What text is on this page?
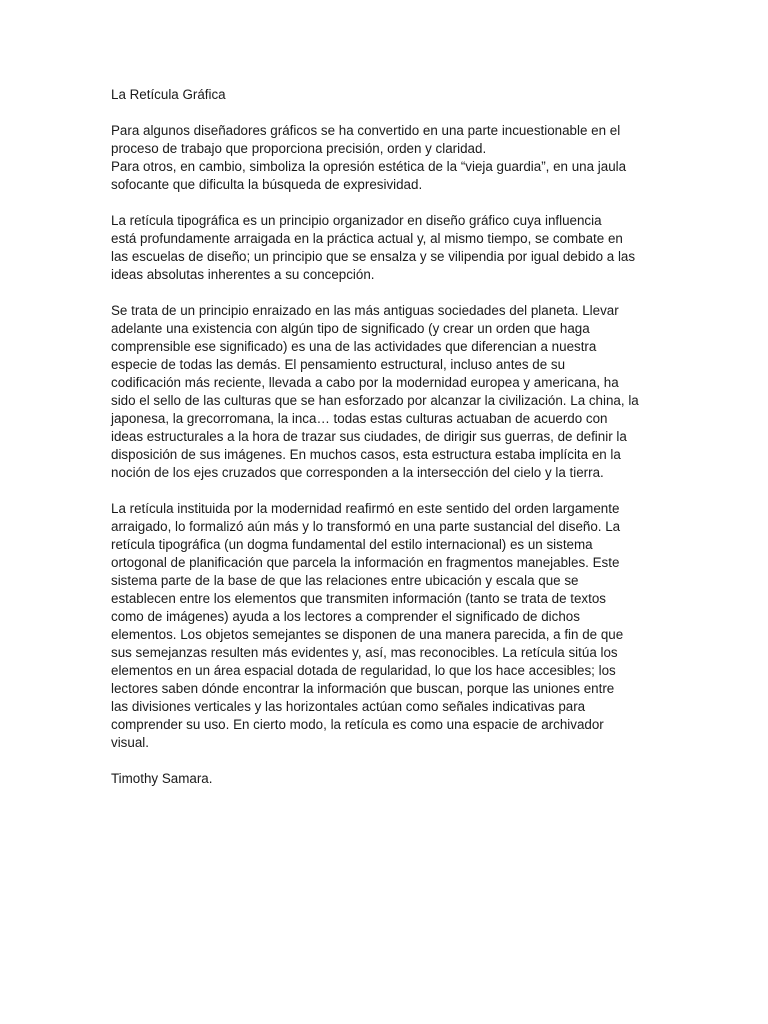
La Retícula Gráfica
Para algunos diseñadores gráficos se ha convertido en una parte incuestionable en el
proceso de trabajo que proporciona precisión, orden y claridad.
Para otros, en cambio, simboliza la opresión estética de la “vieja guardia”, en una jaula
sofocante que dificulta la búsqueda de expresividad.
La retícula tipográfica es un principio organizador en diseño gráfico cuya influencia
está profundamente arraigada en la práctica actual y, al mismo tiempo, se combate en
las escuelas de diseño; un principio que se ensalza y se vilipendia por igual debido a las
ideas absolutas inherentes a su concepción.
Se trata de un principio enraizado en las más antiguas sociedades del planeta. Llevar
adelante una existencia con algún tipo de significado (y crear un orden que haga
comprensible ese significado) es una de las actividades que diferencian a nuestra
especie de todas las demás. El pensamiento estructural, incluso antes de su
codificación más reciente, llevada a cabo por la modernidad europea y americana, ha
sido el sello de las culturas que se han esforzado por alcanzar la civilización. La china, la
japonesa, la grecorromana, la inca… todas estas culturas actuaban de acuerdo con
ideas estructurales a la hora de trazar sus ciudades, de dirigir sus guerras, de definir la
disposición de sus imágenes. En muchos casos, esta estructura estaba implícita en la
noción de los ejes cruzados que corresponden a la intersección del cielo y la tierra.
La retícula instituida por la modernidad reafirmó en este sentido del orden largamente
arraigado, lo formalizó aún más y lo transformó en una parte sustancial del diseño. La
retícula tipográfica (un dogma fundamental del estilo internacional) es un sistema
ortogonal de planificación que parcela la información en fragmentos manejables. Este
sistema parte de la base de que las relaciones entre ubicación y escala que se
establecen entre los elementos que transmiten información (tanto se trata de textos
como de imágenes) ayuda a los lectores a comprender el significado de dichos
elementos. Los objetos semejantes se disponen de una manera parecida, a fin de que
sus semejanzas resulten más evidentes y, así, mas reconocibles. La retícula sitúa los
elementos en un área espacial dotada de regularidad, lo que los hace accesibles; los
lectores saben dónde encontrar la información que buscan, porque las uniones entre
las divisiones verticales y las horizontales actúan como señales indicativas para
comprender su uso. En cierto modo, la retícula es como una espacie de archivador
visual.
Timothy Samara.
